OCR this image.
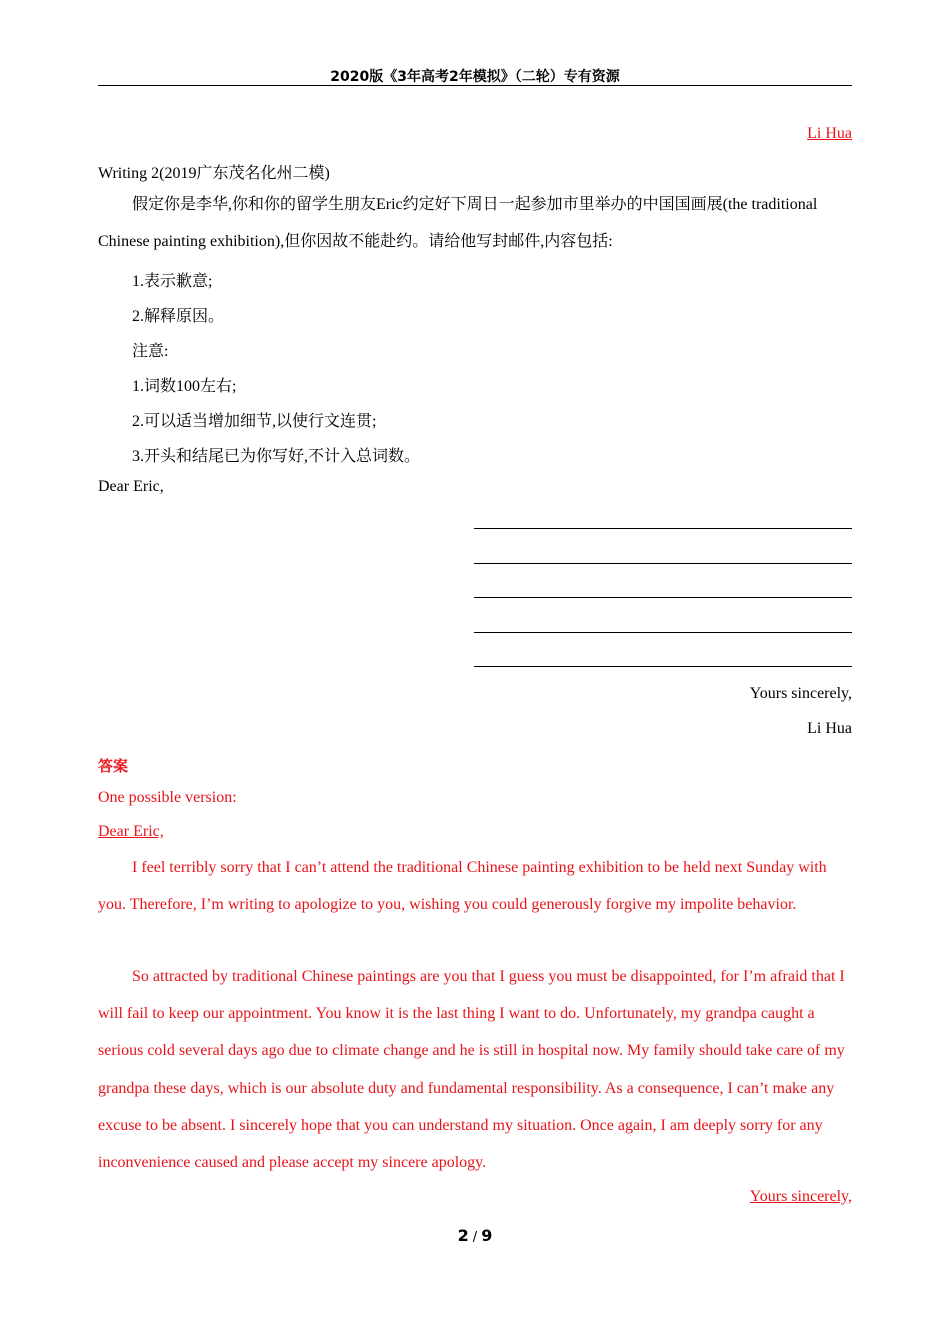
2020版《3年高考2年模拟》（二轮）专有资源
Li Hua
Writing 2(2019广东茂名化州二模)
假定你是李华,你和你的留学生朋友Eric约定好下周日一起参加市里举办的中国国画展(the traditional Chinese painting exhibition),但你因故不能赴约。请给他写封邮件,内容包括:
1.表示歉意;
2.解释原因。
注意:
1.词数100左右;
2.可以适当增加细节,以使行文连贯;
3.开头和结尾已为你写好,不计入总词数。
Dear Eric,
Yours sincerely,
Li Hua
答案
One possible version:
Dear Eric,
I feel terribly sorry that I can’t attend the traditional Chinese painting exhibition to be held next Sunday with you. Therefore, I’m writing to apologize to you, wishing you could generously forgive my impolite behavior.
So attracted by traditional Chinese paintings are you that I guess you must be disappointed, for I’m afraid that I will fail to keep our appointment. You know it is the last thing I want to do. Unfortunately, my grandpa caught a serious cold several days ago due to climate change and he is still in hospital now. My family should take care of my grandpa these days, which is our absolute duty and fundamental responsibility. As a consequence, I can’t make any excuse to be absent. I sincerely hope that you can understand my situation. Once again, I am deeply sorry for any inconvenience caused and please accept my sincere apology.
Yours sincerely,
2 / 9
